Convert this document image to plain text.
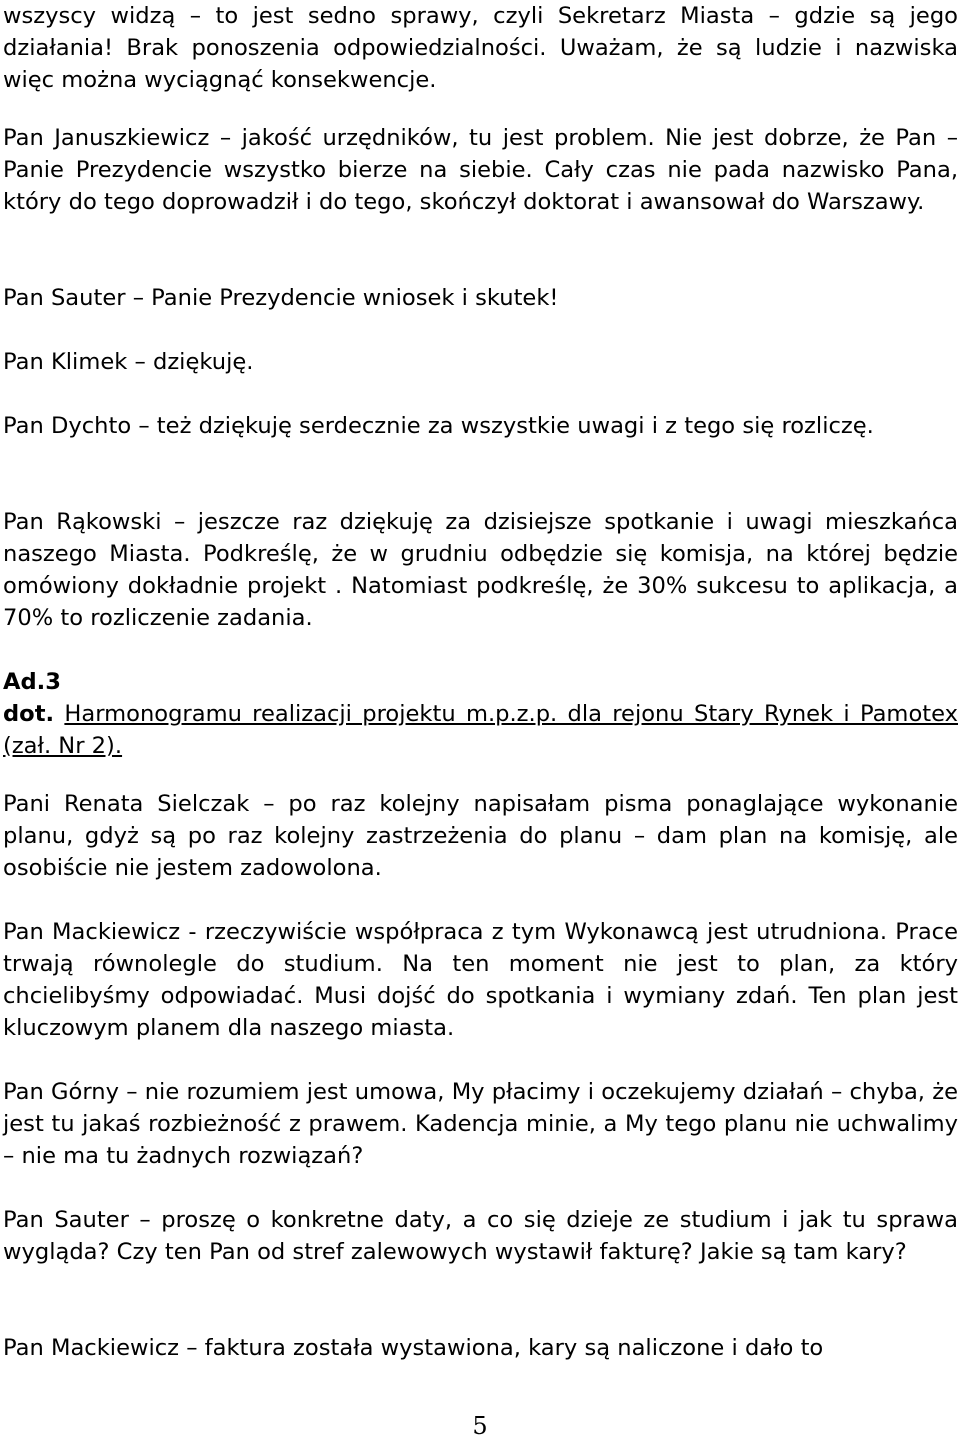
wszyscy widzą – to jest sedno sprawy, czyli Sekretarz Miasta – gdzie są jego działania! Brak ponoszenia odpowiedzialności. Uważam, że są ludzie i nazwiska więc można wyciągnąć konsekwencje.

Pan Januszkiewicz – jakość urzędników, tu jest problem. Nie jest dobrze, że Pan – Panie Prezydencie wszystko bierze na siebie. Cały czas nie pada nazwisko Pana, który do tego doprowadził i do tego, skończył doktorat i awansował do Warszawy.

Pan Sauter – Panie Prezydencie wniosek i skutek!

Pan Klimek – dziękuję.

Pan Dychto – też dziękuję serdecznie za wszystkie uwagi i z tego się rozliczę.

Pan Rąkowski – jeszcze raz dziękuję za dzisiejsze spotkanie i uwagi mieszkańca naszego Miasta. Podkreślę, że w grudniu odbędzie się komisja, na której będzie omówiony dokładnie projekt . Natomiast podkreślę, że 30% sukcesu to aplikacja, a 70% to rozliczenie zadania.

Ad.3
dot. Harmonogramu realizacji projektu m.p.z.p. dla rejonu Stary Rynek i Pamotex (zał. Nr 2).

Pani Renata Sielczak – po raz kolejny napisałam pisma ponaglające wykonanie planu, gdyż są po raz kolejny zastrzeżenia do planu – dam plan na komisję, ale osobiście nie jestem zadowolona.

Pan Mackiewicz - rzeczywiście współpraca z tym Wykonawcą jest utrudniona. Prace trwają równolegle do studium. Na ten moment nie jest to plan, za który chcielibyśmy odpowiadać. Musi dojść do spotkania i wymiany zdań. Ten plan jest kluczowym planem dla naszego miasta.

Pan Górny – nie rozumiem jest umowa, My płacimy i oczekujemy działań – chyba, że jest tu jakaś rozbieżność z prawem. Kadencja minie, a My tego planu nie uchwalimy – nie ma tu żadnych rozwiązań?

Pan Sauter – proszę o konkretne daty, a co się dzieje ze studium i jak tu sprawa wygląda? Czy ten Pan od stref zalewowych wystawił fakturę? Jakie są tam kary?

Pan Mackiewicz – faktura została wystawiona, kary są naliczone i dało to

5
